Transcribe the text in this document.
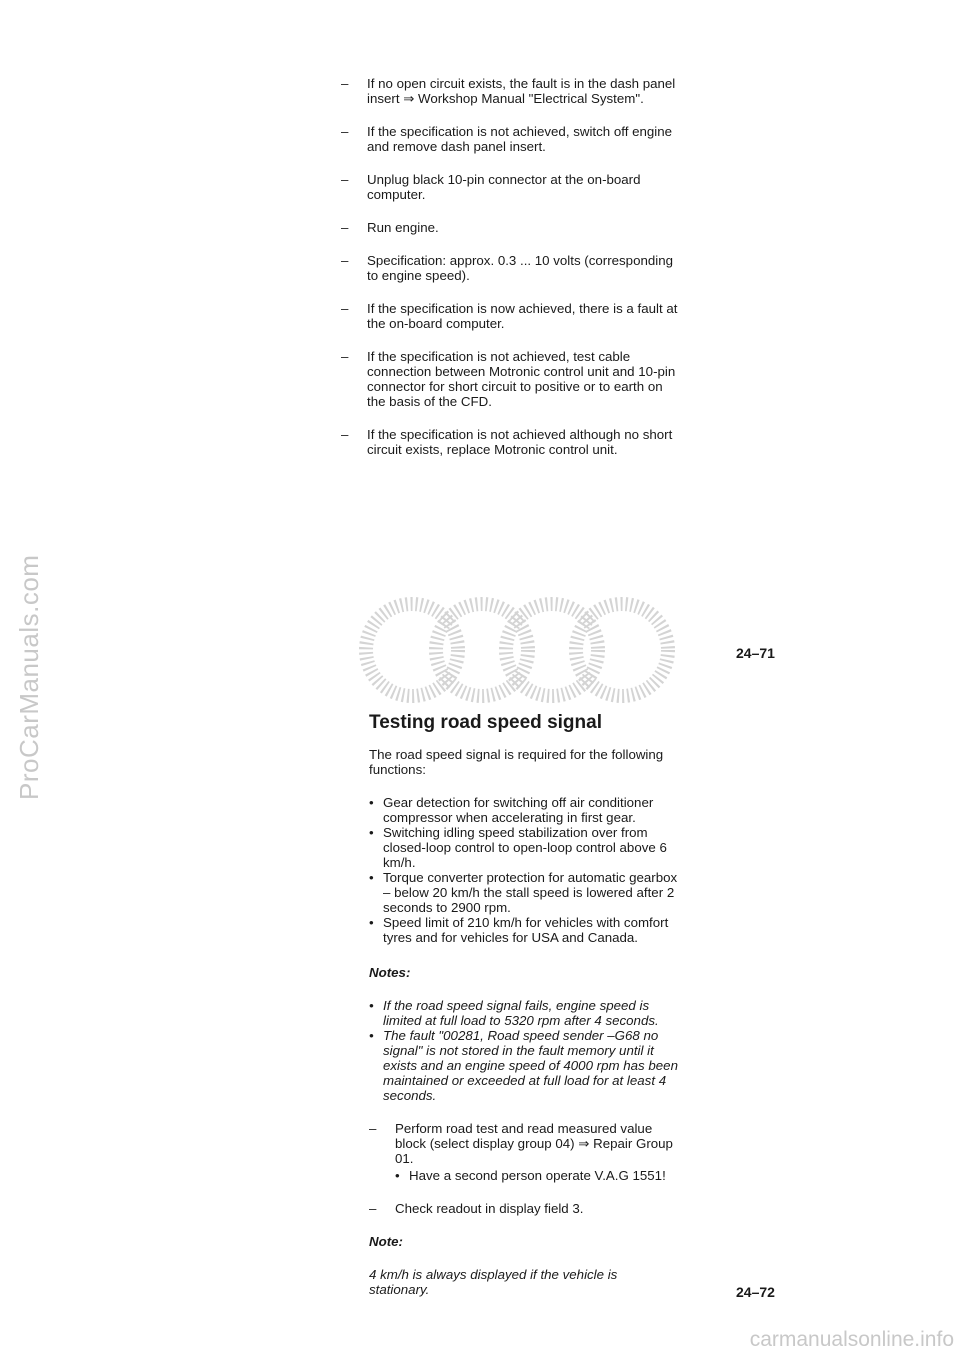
ProCarManuals.com
carmanualsonline.info
– If no open circuit exists, the fault is in the dash panel insert ⇒ Workshop Manual "Electrical System".
– If the specification is not achieved, switch off engine and remove dash panel insert.
– Unplug black 10-pin connector at the on-board computer.
– Run engine.
– Specification: approx. 0.3 ... 10 volts (corresponding to engine speed).
– If the specification is now achieved, there is a fault at the on-board computer.
– If the specification is not achieved, test cable connection between Motronic control unit and 10-pin connector for short circuit to positive or to earth on the basis of the CFD.
– If the specification is not achieved although no short circuit exists, replace Motronic control unit.
24–71
Testing road speed signal
The road speed signal is required for the following functions:
• Gear detection for switching off air conditioner compressor when accelerating in first gear.
• Switching idling speed stabilization over from closed-loop control to open-loop control above 6 km/h.
• Torque converter protection for automatic gearbox – below 20 km/h the stall speed is lowered after 2 seconds to 2900 rpm.
• Speed limit of 210 km/h for vehicles with comfort tyres and for vehicles for USA and Canada.
Notes:
• If the road speed signal fails, engine speed is limited at full load to 5320 rpm after 4 seconds.
• The fault "00281, Road speed sender –G68 no signal" is not stored in the fault memory until it exists and an engine speed of 4000 rpm has been maintained or exceeded at full load for at least 4 seconds.
– Perform road test and read measured value block (select display group 04) ⇒ Repair Group 01.
• Have a second person operate V.A.G 1551!
– Check readout in display field 3.
Note:
4 km/h is always displayed if the vehicle is stationary.	24–72
